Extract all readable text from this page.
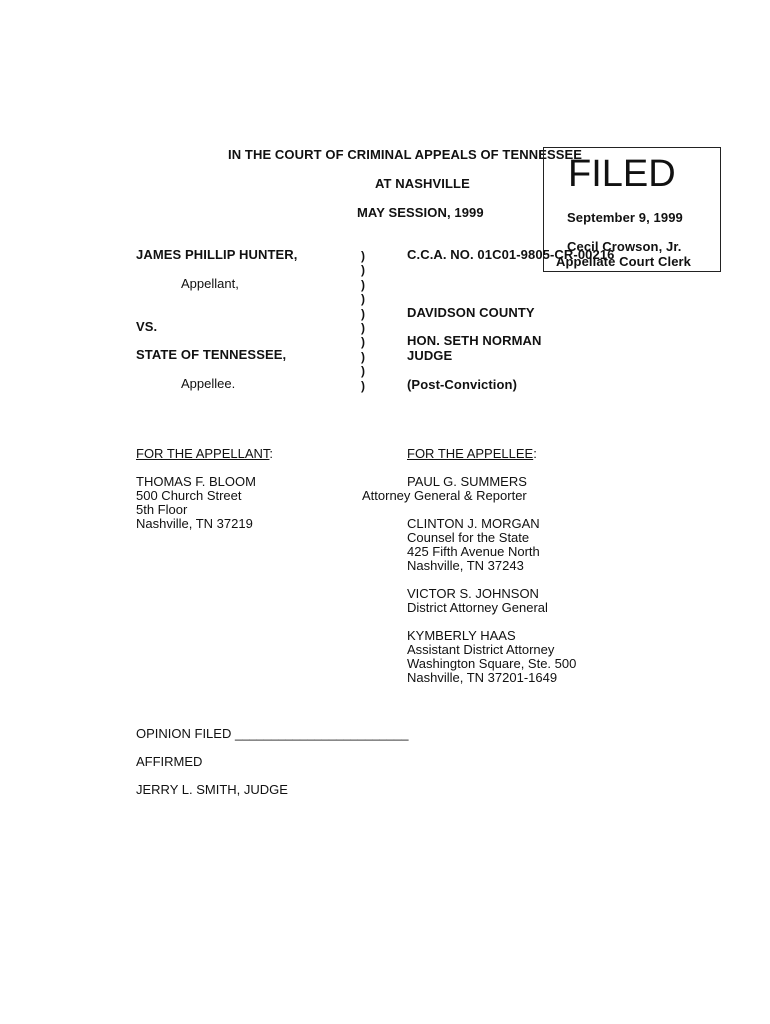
IN THE COURT OF CRIMINAL APPEALS OF TENNESSEE
AT NASHVILLE
MAY SESSION, 1999
FILED
September 9, 1999
Cecil Crowson, Jr.
Appellate Court Clerk
JAMES PHILLIP HUNTER,
Appellant,
VS.
STATE OF TENNESSEE,
Appellee.
)
)
)
)
)
)
)
)
)
)
C.C.A. NO. 01C01-9805-CR-00216
DAVIDSON COUNTY
HON. SETH NORMAN
JUDGE
(Post-Conviction)
FOR THE APPELLANT:
THOMAS F. BLOOM
500 Church Street
5th Floor
Nashville, TN 37219
FOR THE APPELLEE:
PAUL G. SUMMERS
Attorney General & Reporter
CLINTON J. MORGAN
Counsel for the State
425 Fifth Avenue North
Nashville, TN 37243
VICTOR S. JOHNSON
District Attorney General
KYMBERLY HAAS
Assistant District Attorney
Washington Square, Ste. 500
Nashville, TN 37201-1649
OPINION FILED ________________________
AFFIRMED
JERRY L. SMITH, JUDGE
